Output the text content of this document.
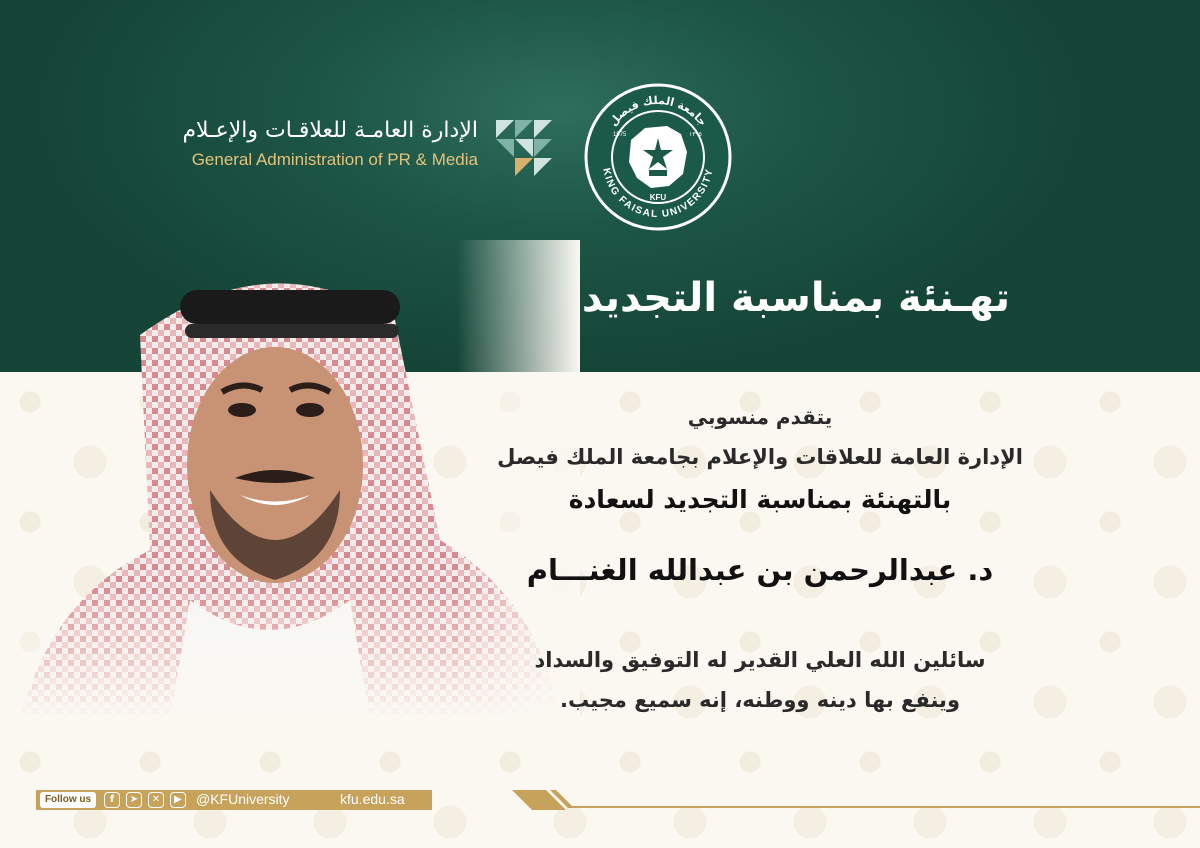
الإدارة العامـة للعلاقـات والإعـلام
General Administration of PR & Media
جامعة الملك فيصل
KING FAISAL UNIVERSITY
1975	١٣٩٥
KFU
تهـنئة بمناسبة التجديد
يتقدم منسوبي
الإدارة العامة للعلاقات والإعلام بجامعة الملك فيصل
بالتهنئة بمناسبة التجديد لسعادة
د. عبدالرحمن بن عبدالله الغنـــام
سائلين الله العلي القدير له التوفيق والسداد
وينفع بها دينه ووطنه، إنه سميع مجيب.
Follow us	f	➤	✕	▶ @KFUniversity	kfu.edu.sa
